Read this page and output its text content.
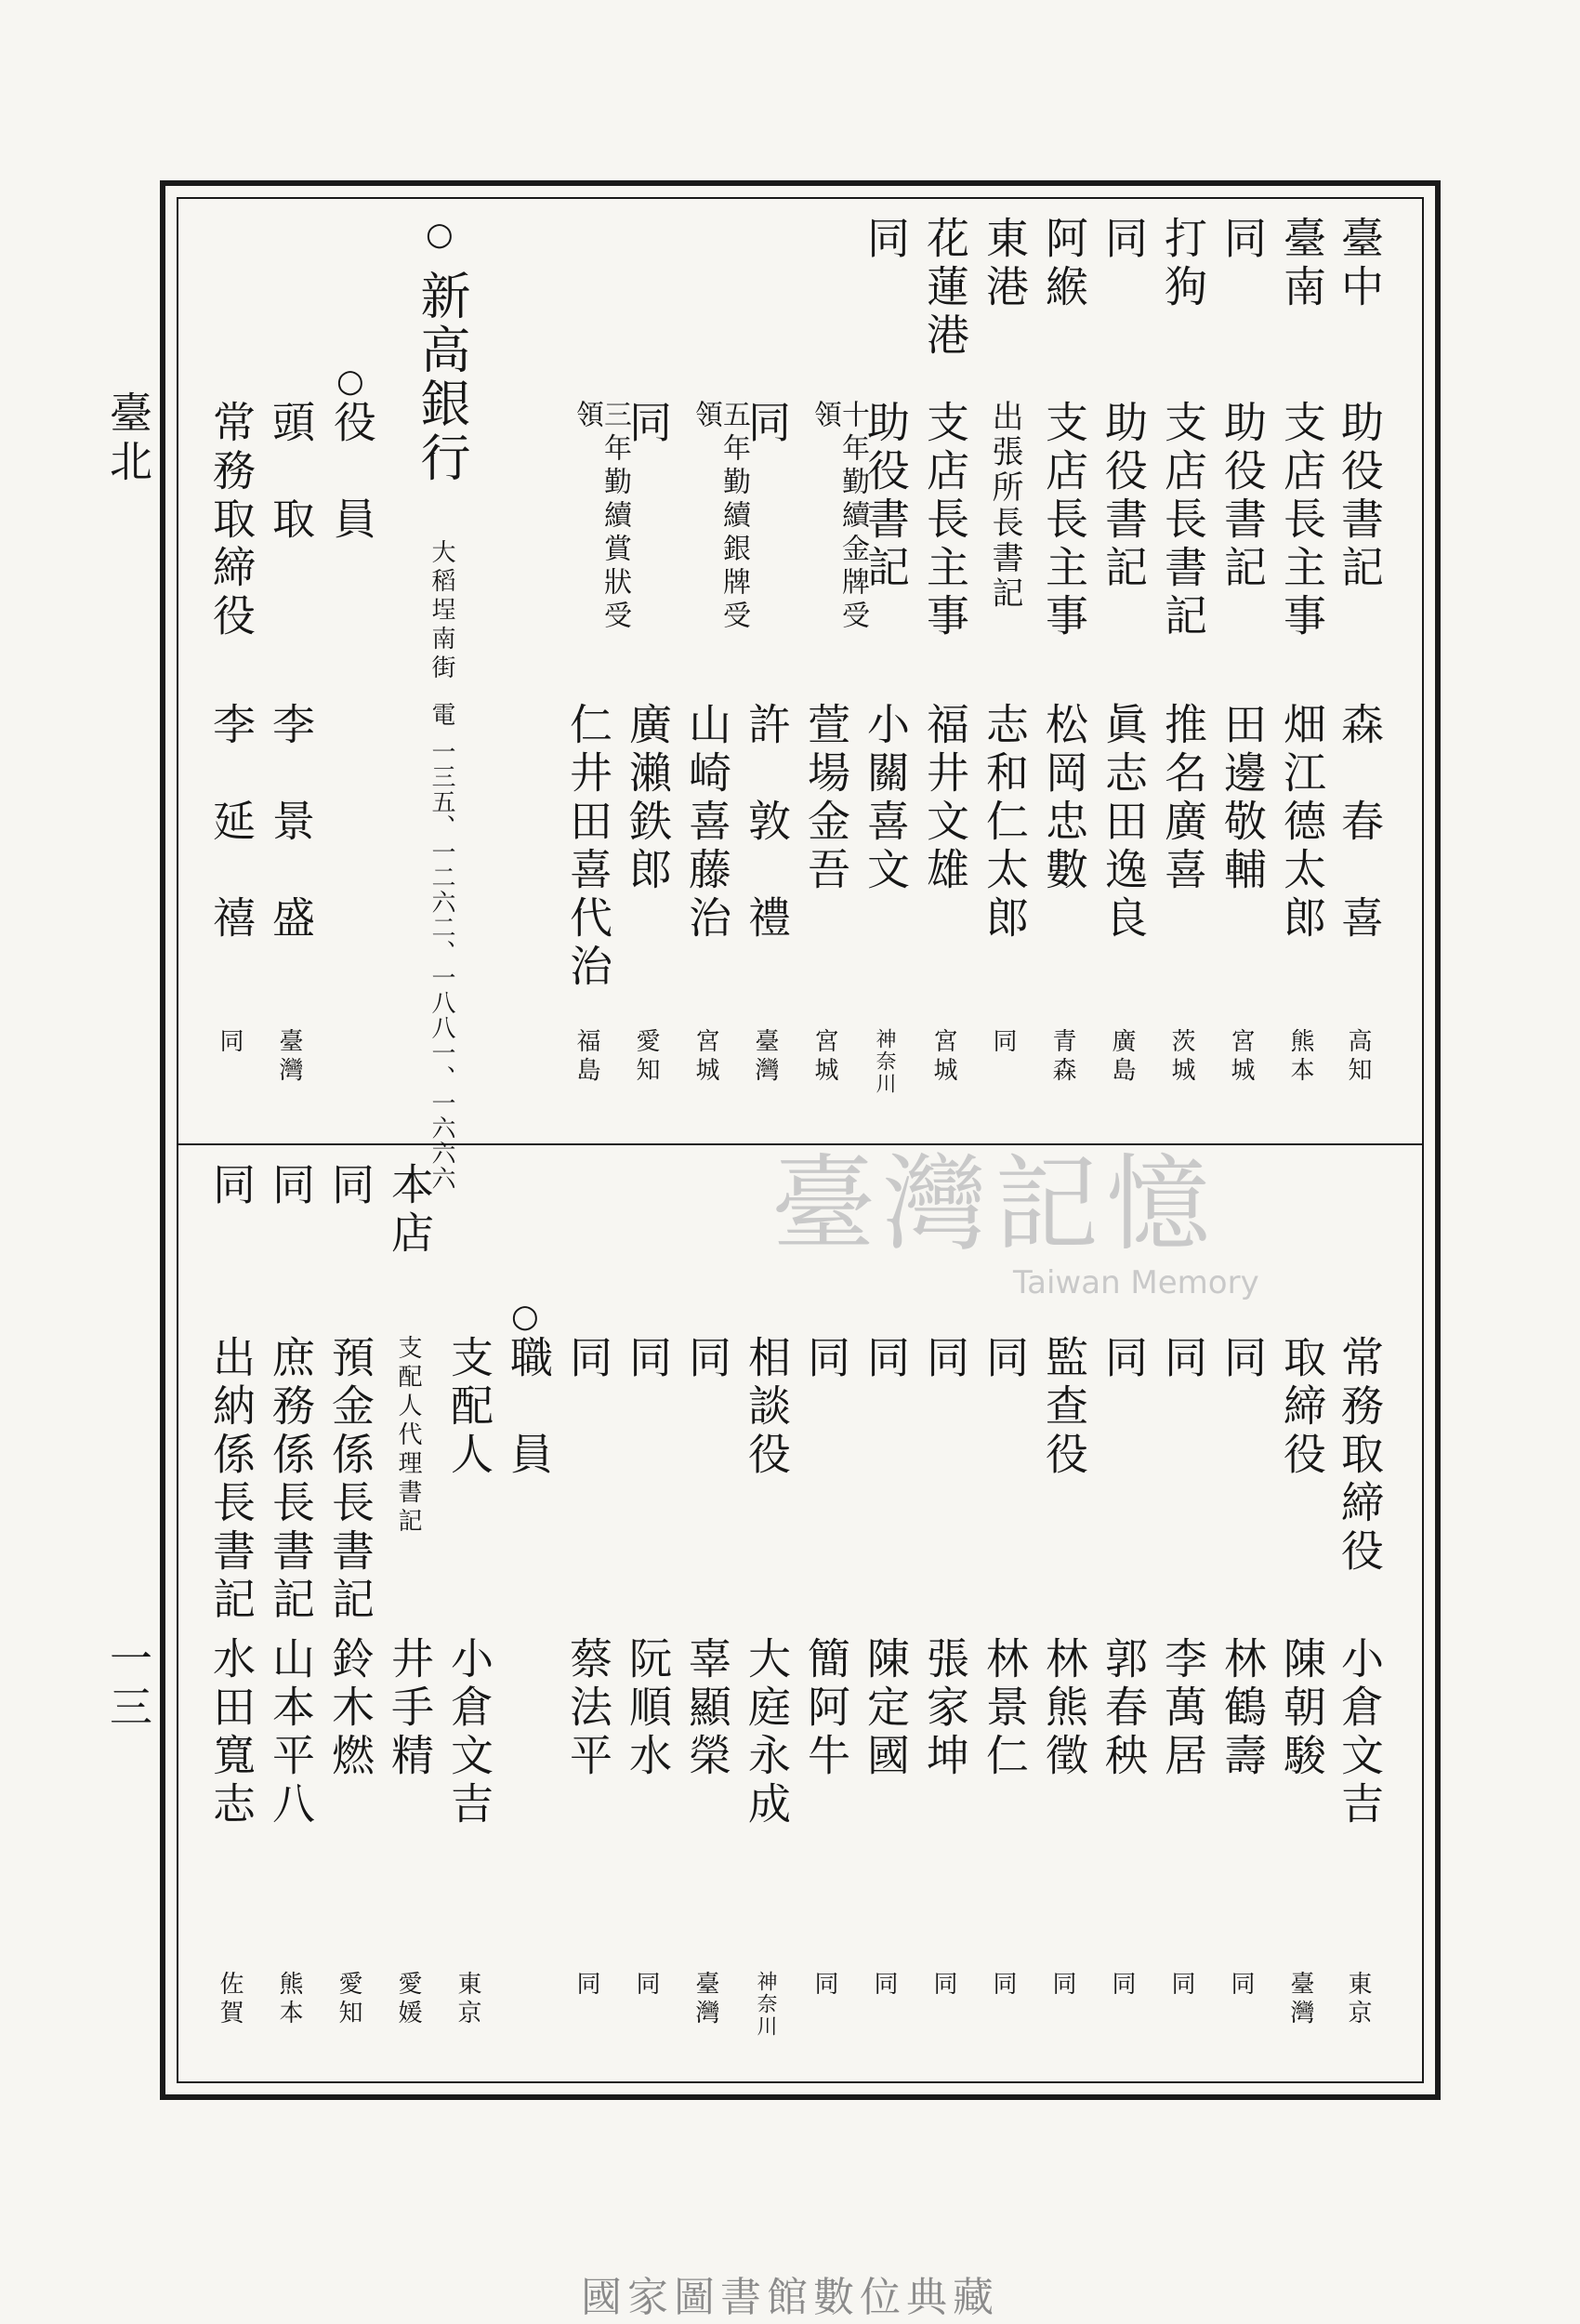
臺北
一三
臺中
助役書記
森　春　喜
高知
臺南
支店長主事
畑江德太郎
熊本
同
助役書記
田邊敬輔
宮城
打狗
支店長書記
推名廣喜
茨城
同
助役書記
眞志田逸良
廣島
阿緱
支店長主事
松岡忠數
青森
東港
出張所長書記
志和仁太郎
同
花蓮港
支店長主事
福井文雄
宮城
同
助役書記
小關喜文
神奈川
十年勤續金牌受領
萱場金吾
宮城
同
許　敦　禮
臺灣
五年勤續銀牌受領
山崎喜藤治
宮城
同
廣瀨鉄郎
愛知
三年勤續賞狀受領
仁井田喜代治
福島
○
新高銀行
大稻埕南街
電
一三五、一二六二、一八八一、一六六六
○
役　員
頭　取
李　景　盛
臺灣
常務取締役
李　延　禧
同
臺灣記憶
Taiwan Memory
常務取締役
小倉文吉
東京
取締役
陳朝駿
臺灣
同
林鶴壽
同
同
李萬居
同
同
郭春秧
同
監查役
林熊徵
同
同
林景仁
同
同
張家坤
同
同
陳定國
同
同
簡阿牛
同
相談役
大庭永成
神奈川
同
辜顯榮
臺灣
同
阮順水
同
同
蔡法平
同
○
職　員
支配人
小倉文吉
東京
本店
支配人代理書記
井手精
愛媛
同
預金係長書記
鈴木燃
愛知
同
庶務係長書記
山本平八
熊本
同
出納係長書記
水田寬志
佐賀
國家圖書館數位典藏
